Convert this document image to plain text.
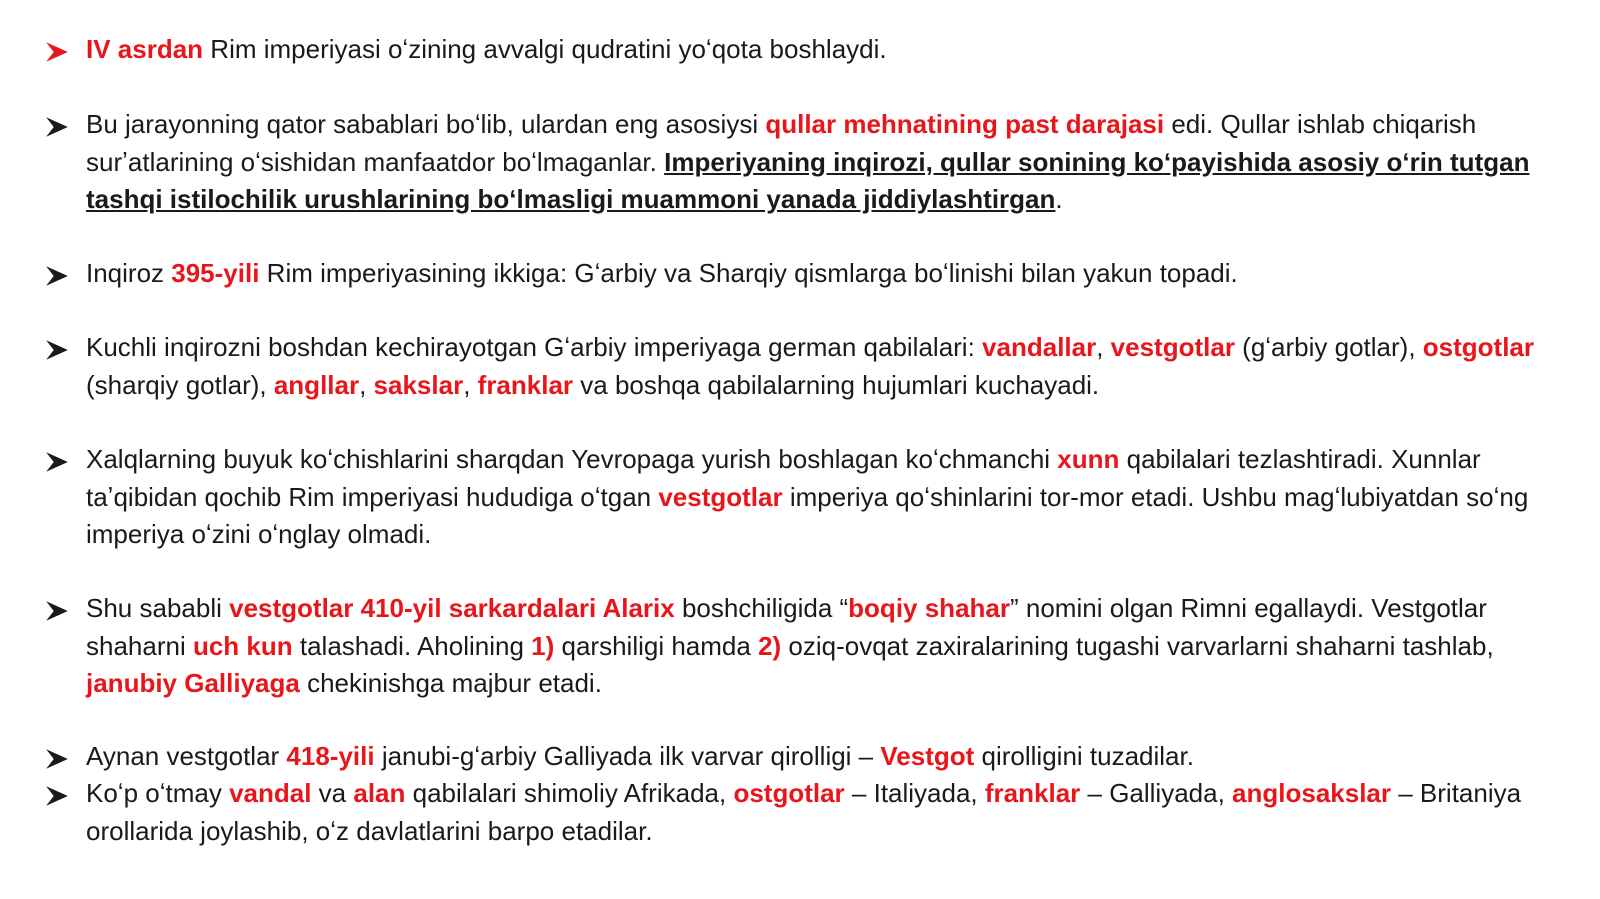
IV asrdan Rim imperiyasi oʻzining avvalgi qudratini yoʻqota boshlaydi.
Bu jarayonning qator sabablari boʻlib, ulardan eng asosiysi qullar mehnatining past darajasi edi. Qullar ishlab chiqarish surʼatlarining oʻsishidan manfaatdor boʻlmaganlar. Imperiyaning inqirozi, qullar sonining koʻpayishida asosiy oʻrin tutgan tashqi istilochilik urushlarining boʻlmasligi muammoni yanada jiddiylashtirgan.
Inqiroz 395-yili Rim imperiyasining ikkiga: Gʻarbiy va Sharqiy qismlarga boʻlinishi bilan yakun topadi.
Kuchli inqirozni boshdan kechirayotgan Gʻarbiy imperiyaga german qabilalari: vandallar, vestgotlar (gʻarbiy gotlar), ostgotlar (sharqiy gotlar), angllar, sakslar, franklar va boshqa qabilalarning hujumlari kuchayadi.
Xalqlarning buyuk koʻchishlarini sharqdan Yevropaga yurish boshlagan koʻchmanchi xunn qabilalari tezlashtiradi. Xunnlar taʼqibidan qochib Rim imperiyasi hududiga oʻtgan vestgotlar imperiya qoʻshinlarini tor-mor etadi. Ushbu magʻlubiyatdan soʻng imperiya oʻzini oʻnglay olmadi.
Shu sababli vestgotlar 410-yil sarkardalari Alarix boshchiligida “boqiy shahar” nomini olgan Rimni egallaydi. Vestgotlar shaharni uch kun talashadi. Aholining 1) qarshiligi hamda 2) oziq-ovqat zaxiralarining tugashi varvarlarni shaharni tashlab, janubiy Galliyaga chekinishga majbur etadi.
Aynan vestgotlar 418-yili janubi-gʻarbiy Galliyada ilk varvar qirolligi – Vestgot qirolligini tuzadilar.
Koʻp oʻtmay vandal va alan qabilalari shimoliy Afrikada, ostgotlar – Italiyada, franklar – Galliyada, anglosakslar – Britaniya orollarida joylashib, oʻz davlatlarini barpo etadilar.
